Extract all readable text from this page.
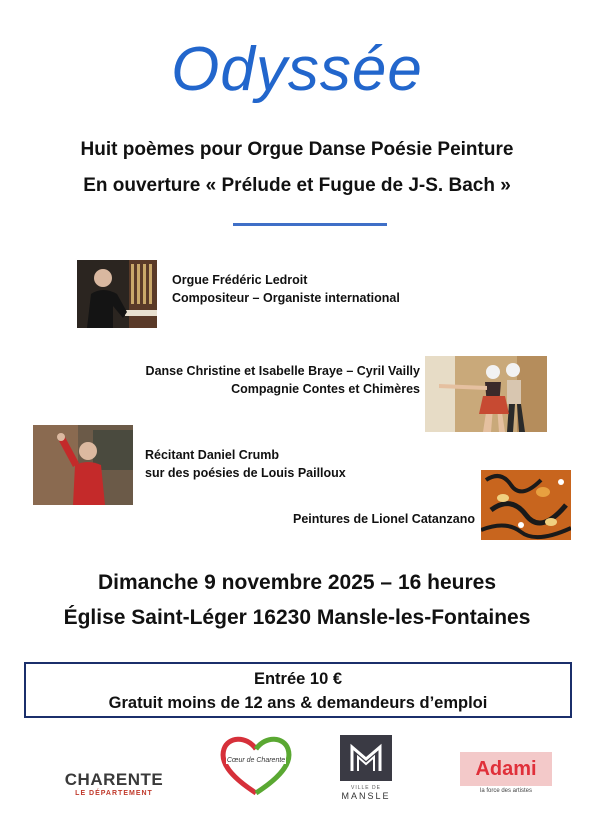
Odyssée
Huit poèmes pour Orgue Danse Poésie Peinture
En ouverture « Prélude et Fugue de J-S. Bach »
Orgue Frédéric Ledroit
Compositeur – Organiste international
Danse Christine et Isabelle Braye – Cyril Vailly
Compagnie Contes et Chimères
Récitant Daniel Crumb
sur des poésies de Louis Pailloux
Peintures de Lionel Catanzano
Dimanche 9 novembre 2025 – 16 heures
Église Saint-Léger 16230 Mansle-les-Fontaines
Entrée 10 €
Gratuit moins de 12 ans & demandeurs d’emploi
CHARENTE
LE DÉPARTEMENT
Cœur de Charente
VILLE DE
MANSLE
Adami
la force des artistes
